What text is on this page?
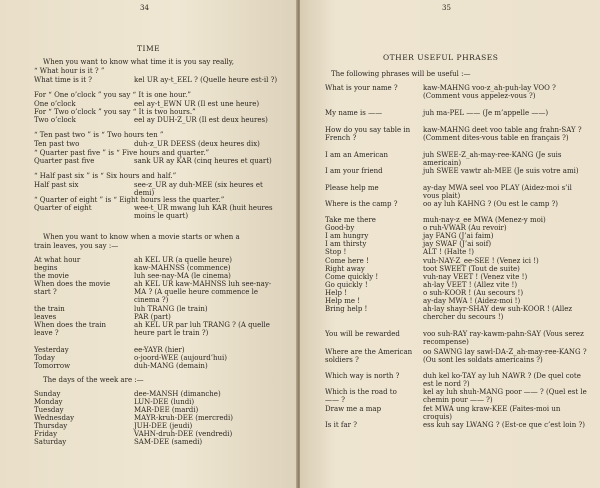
34
TIME
When you want to know what time it is you say really,
“ What hour is it ? ”
What time is it ?	kel UR ay-t_EEL ? (Quelle heure est-il ?)
For “ One o’clock ” you say “ It is one hour.”
One o’clock	eel ay-t_EWN UR (Il est une heure)
For “ Two o’clock ” you say “ It is two hours.”
Two o’clock	eel ay DUH-Z_UR (Il est deux heures)
“ Ten past two ” is “ Two hours ten ”
Ten past two	duh-z_UR DEESS (deux heures dix)
“ Quarter past five ” is “ Five hours and quarter.”
Quarter past five	sank UR ay KAR (cinq heures et quart)
“ Half past six ” is “ Six hours and half.”
Half past six	see-z_UR ay duh-MEE (six heures et demi)
“ Quarter of eight ” is “ Eight hours less the quarter.”
Quarter of eight	wee-t_UR mwang luh KAR (huit heures moins le quart)
When you want to know when a movie starts or when a
train leaves, you say :—
At what hour	ah KEL UR (a quelle heure)
begins	kaw-MAHNSS (commence)
the movie	luh see-nay-MA (le cinema)
When does the movie start ?
ah KEL UR kaw-MAHNSS luh see-nay-MA ? (A quelle heure commence le cinema ?)
the train	luh TRANG (le train)
leaves	PAR (part)
When does the train leave ?
ah KEL UR par luh TRANG ? (A quelle heure part le train ?)
Yesterday	ee-YAYR (hier)
Today	o-joord-WEE (aujourd’hui)
Tomorrow	duh-MANG (demain)
The days of the week are :—
Sunday	dee-MANSH (dimanche)
Monday	LUN-DEE (lundi)
Tuesday	MAR-DEE (mardi)
Wednesday	MAYR-kruh-DEE (mercredi)
Thursday	JUH-DEE (jeudi)
Friday	VAHN-druh-DEE (vendredi)
Saturday	SAM-DEE (samedi)
35
OTHER USEFUL PHRASES
The following phrases will be useful :—
What is your name ?	kaw-MAHNG voo-z_ah-puh-lay VOO ? (Comment vous appelez-vous ?)
My name is ——	juh ma-PEL —— (Je m’appelle ——)
How do you say table in French ?
kaw-MAHNG deet voo table ang frahn-SAY ? (Comment dites-vous table en français ?)
I am an American	juh SWEE-Z_ah-may-ree-KANG (Je suis americain)
I am your friend	juh SWEE vawtr ah-MEE (Je suis votre ami)
Please help me	ay-day MWA seel voo PLAY (Aidez-moi s’il vous plait)
Where is the camp ?	oo ay luh KAHNG ? (Ou est le camp ?)
Take me there	muh-nay-z_ee MWA (Menez-y moi)
Good-by	o ruh-VWAR (Au revoir)
I am hungry	jay FANG (J’ai faim)
I am thirsty	jay SWAF (J’ai soif)
Stop !	ALT ! (Halte !)
Come here !	vuh-NAY-Z_ee-SEE ! (Venez ici !)
Right away	toot SWEET (Tout de suite)
Come quickly !	vuh-nay VEET ! (Venez vite !)
Go quickly !	ah-lay VEET ! (Allez vite !)
Help !	o suh-KOOR ! (Au secours !)
Help me !	ay-day MWA ! (Aidez-moi !)
Bring help !	ah-lay shayr-SHAY dew suh-KOOR ! (Allez chercher du secours !)
You will be rewarded	voo suh-RAY ray-kawm-pahn-SAY (Vous serez recompense)
Where are the American soldiers ?
oo SAWNG lay sawl-DA-Z_ah-may-ree-KANG ? (Ou sont les soldats americains ?)
Which way is north ?	duh kel ko-TAY ay luh NAWR ? (De quel cote est le nord ?)
Which is the road to —— ?
kel ay luh shuh-MANG poor —— ? (Quel est le chemin pour —— ?)
Draw me a map	fet MWA ung kraw-KEE (Faites-moi un croquis)
Is it far ?	ess kuh say LWANG ? (Est-ce que c’est loin ?)
